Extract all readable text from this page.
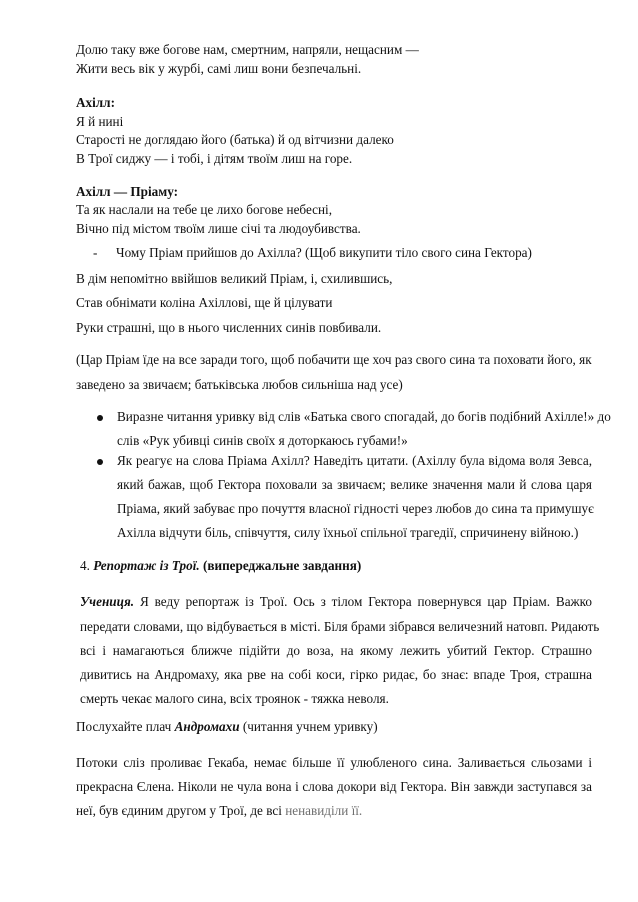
Долю таку вже богове нам, смертним, напряли, нещасним —
Жити весь вік у журбі, самі лиш вони безпечальні.
Ахілл:
Я й нині
Старості не доглядаю його (батька) й од вітчизни далеко
В Трої сиджу — і тобі, і дітям твоїм лиш на горе.
Ахілл — Пріаму:
Та як наслали на тебе це лихо богове небесні,
Вічно під містом твоїм лише січі та людоубивства.
- Чому Пріам прийшов до Ахілла? (Щоб викупити тіло свого сина Гектора)
В дім непомітно ввійшов великий Пріам, і, схилившись,
Став обнімати коліна Ахіллові, ще й цілувати
Руки страшні, що в нього численних синів повбивали.
(Цар Пріам їде на все заради того, щоб побачити ще хоч раз свого сина та поховати його, як
заведено за звичаєм; батьківська любов сильніша над усе)
Виразне читання уривку від слів «Батька свого спогадай, до богів подібний Ахілле!» до
слів «Рук убивці синів своїх я доторкаюсь губами!»
Як реагує на слова Пріама Ахілл? Наведіть цитати. (Ахіллу була відома воля Зевса,
який бажав, щоб Гектора поховали за звичаєм; велике значення мали й слова царя
Пріама, який забуває про почуття власної гідності через любов до сина та примушує
Ахілла відчути біль, співчуття, силу їхньої спільної трагедії, спричинену війною.)
4. Репортаж із Трої. (випереджальне завдання)
Учениця. Я веду репортаж із Трої. Ось з тілом Гектора повернувся цар Пріам. Важко
передати словами, що відбувається в місті. Біля брами зібрався величезний натовп. Ридають
всі і намагаються ближче підійти до воза, на якому лежить убитий Гектор. Страшно
дивитись на Андромаху, яка рве на собі коси, гірко ридає, бо знає: впаде Троя, страшна
смерть чекає малого сина, всіх троянок - тяжка неволя.
Послухайте плач Андромахи (читання учнем уривку)
Потоки сліз проливає Гекаба, немає більше її улюбленого сина. Заливається сльозами і
прекрасна Єлена. Ніколи не чула вона і слова докори від Гектора. Він завжди заступався за
неї, був єдиним другом у Трої, де всі ненавиділи її.
